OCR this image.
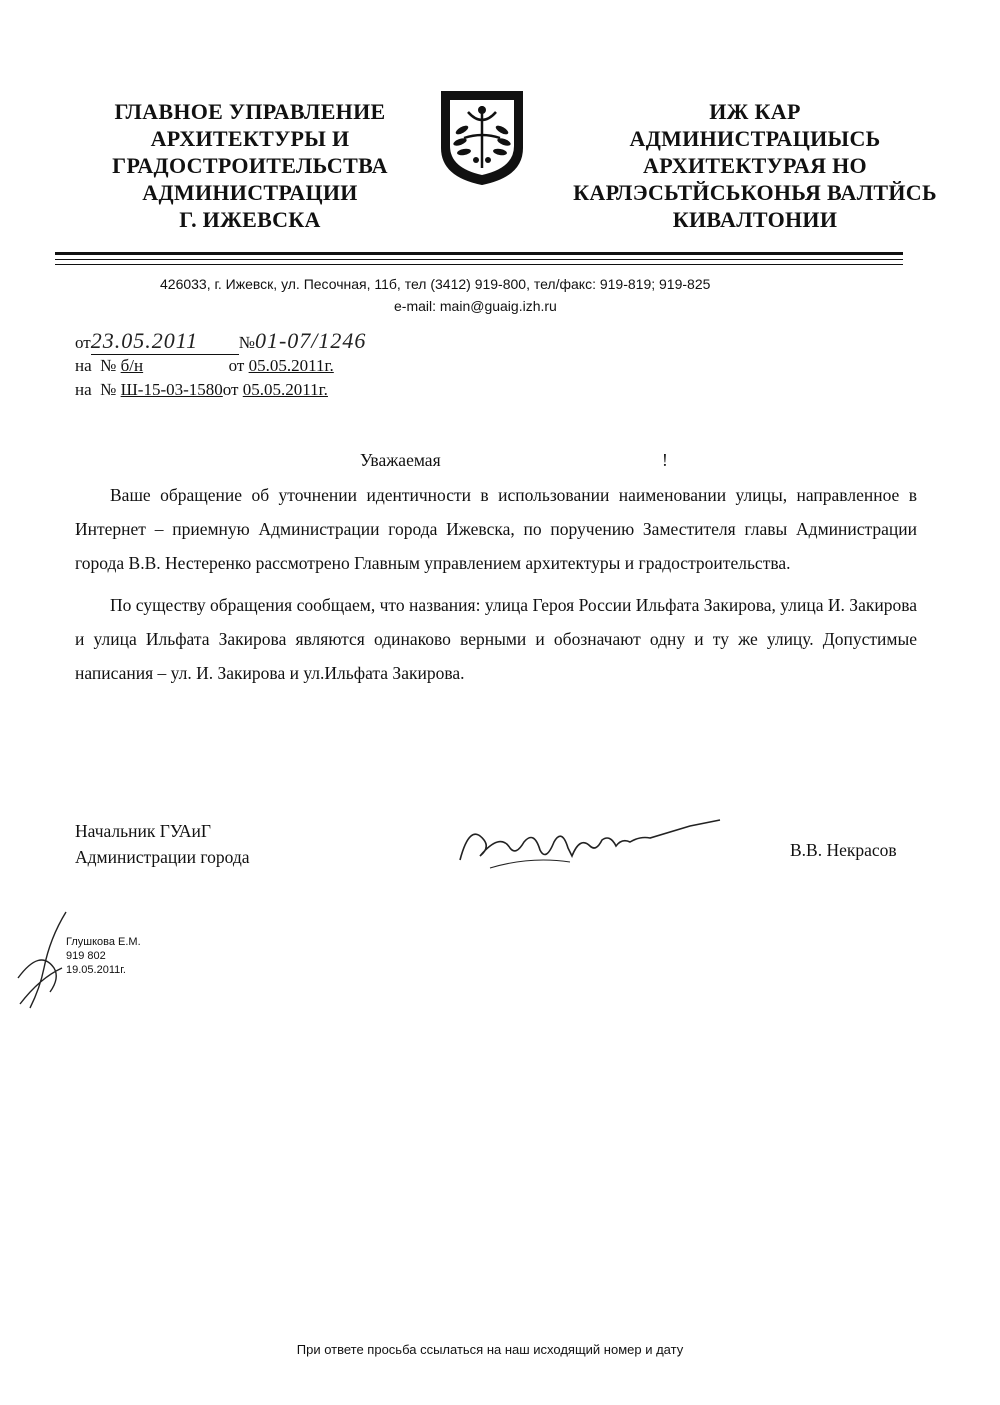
ГЛАВНОЕ УПРАВЛЕНИЕ
АРХИТЕКТУРЫ И
ГРАДОСТРОИТЕЛЬСТВА
АДМИНИСТРАЦИИ
Г. ИЖЕВСКА
ИЖ КАР
АДМИНИСТРАЦИЫСЬ
АРХИТЕКТУРАЯ НО
КАРЛЭСЬТЙСЬКОНЬЯ ВАЛТЙСЬ
КИВАЛТОНИИ
426033, г. Ижевск, ул. Песочная, 11б, тел (3412) 919-800, тел/факс: 919-819; 919-825
e-mail: main@guaig.izh.ru
от23.05.2011 №01-07/1246
на № б/н	от 05.05.2011г.
на № Ш-15-03-1580от 05.05.2011г.
Уважаемая	!

Ваше обращение об уточнении идентичности в использовании наименовании улицы, направленное в Интернет – приемную Администрации города Ижевска, по поручению Заместителя главы Администрации города В.В. Нестеренко рассмотрено Главным управлением архитектуры и градостроительства.

По существу обращения сообщаем, что названия: улица Героя России Ильфата Закирова, улица И. Закирова и улица Ильфата Закирова являются одинаково верными и обозначают одну и ту же улицу. Допустимые написания – ул. И. Закирова и ул.Ильфата Закирова.

Начальник ГУАиГ
Администрации города	В.В. Некрасов
Глушкова Е.М.
919 802
19.05.2011г.
При ответе просьба ссылаться на наш исходящий номер и дату
